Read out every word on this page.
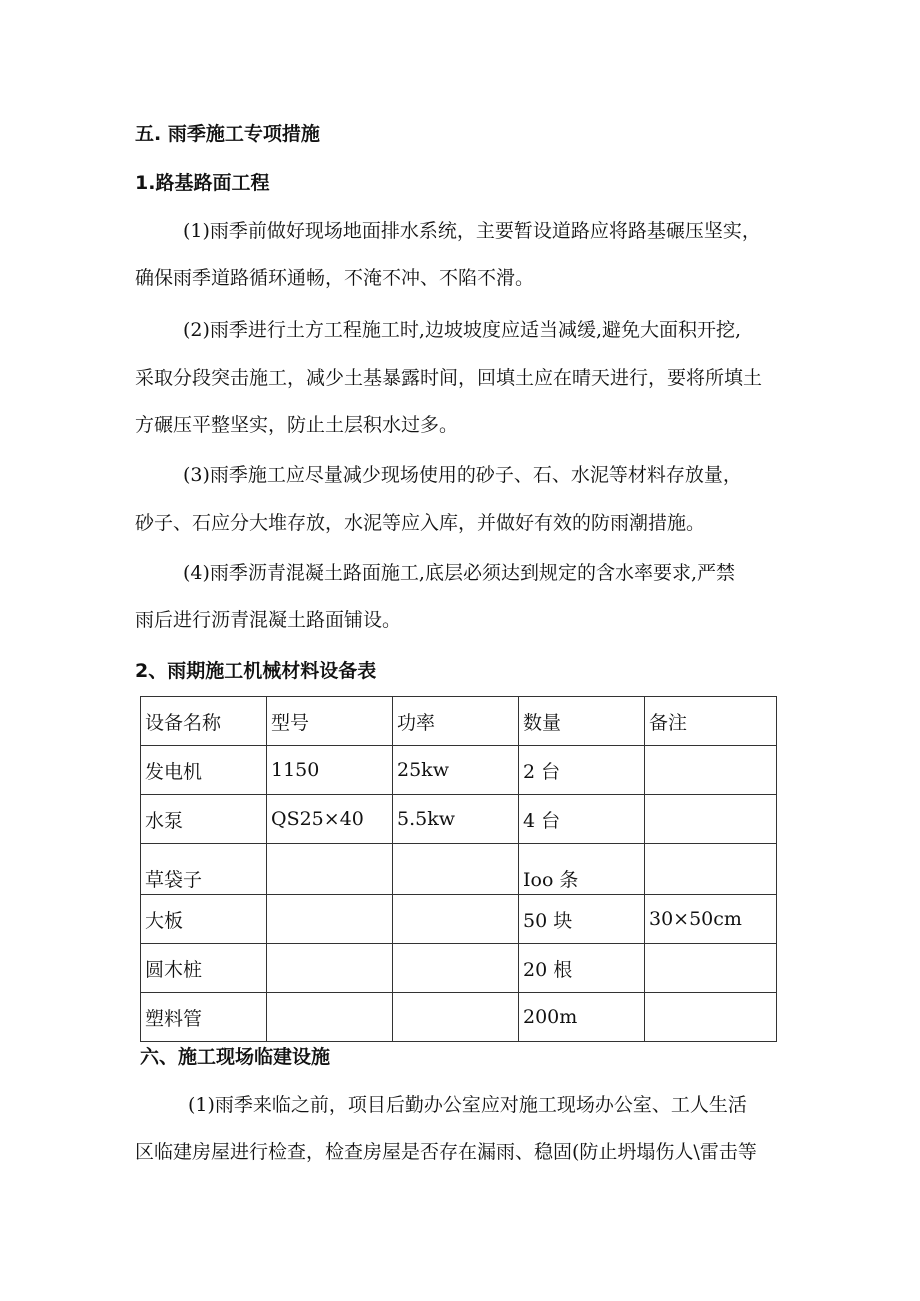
五. 雨季施工专项措施
1.路基路面工程
(1)雨季前做好现场地面排水系统，主要暂设道路应将路基碾压坚实，
确保雨季道路循环通畅，不淹不冲、不陷不滑。
(2)雨季进行土方工程施工时,边坡坡度应适当减缓,避免大面积开挖,
采取分段突击施工，减少土基暴露时间，回填土应在晴天进行，要将所填土
方碾压平整坚实，防止土层积水过多。
(3)雨季施工应尽量减少现场使用的砂子、石、水泥等材料存放量，
砂子、石应分大堆存放，水泥等应入库，并做好有效的防雨潮措施。
(4)雨季沥青混凝土路面施工,底层必须达到规定的含水率要求,严禁
雨后进行沥青混凝土路面铺设。
2、雨期施工机械材料设备表
设备名称	型号	功率	数量	备注
发电机	1150	25kw	2 台	
水泵	QS25×40	5.5kw	4 台	
草袋子			Ioo 条	
大板			50 块	30×50cm
圆木桩			20 根	
塑料管			200m	
六、施工现场临建设施
(1)雨季来临之前，项目后勤办公室应对施工现场办公室、工人生活
区临建房屋进行检查，检查房屋是否存在漏雨、稳固(防止坍塌伤人\雷击等
